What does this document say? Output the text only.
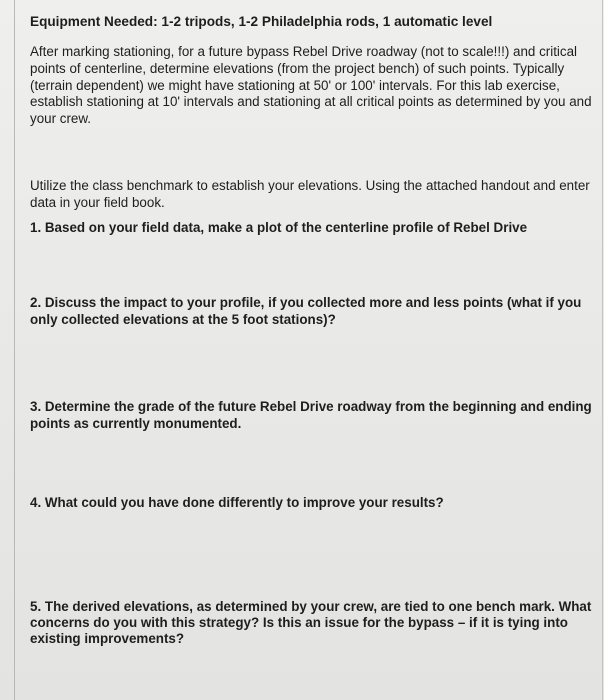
Equipment Needed: 1-2 tripods, 1-2 Philadelphia rods, 1 automatic level

After marking stationing, for a future bypass Rebel Drive roadway (not to scale!!!) and critical points of centerline, determine elevations (from the project bench) of such points. Typically (terrain dependent) we might have stationing at 50' or 100' intervals. For this lab exercise, establish stationing at 10' intervals and stationing at all critical points as determined by you and your crew.

Utilize the class benchmark to establish your elevations. Using the attached handout and enter data in your field book.

1. Based on your field data, make a plot of the centerline profile of Rebel Drive

2. Discuss the impact to your profile, if you collected more and less points (what if you only collected elevations at the 5 foot stations)?

3. Determine the grade of the future Rebel Drive roadway from the beginning and ending points as currently monumented.

4. What could you have done differently to improve your results?

5. The derived elevations, as determined by your crew, are tied to one bench mark. What concerns do you with this strategy? Is this an issue for the bypass – if it is tying into existing improvements?
